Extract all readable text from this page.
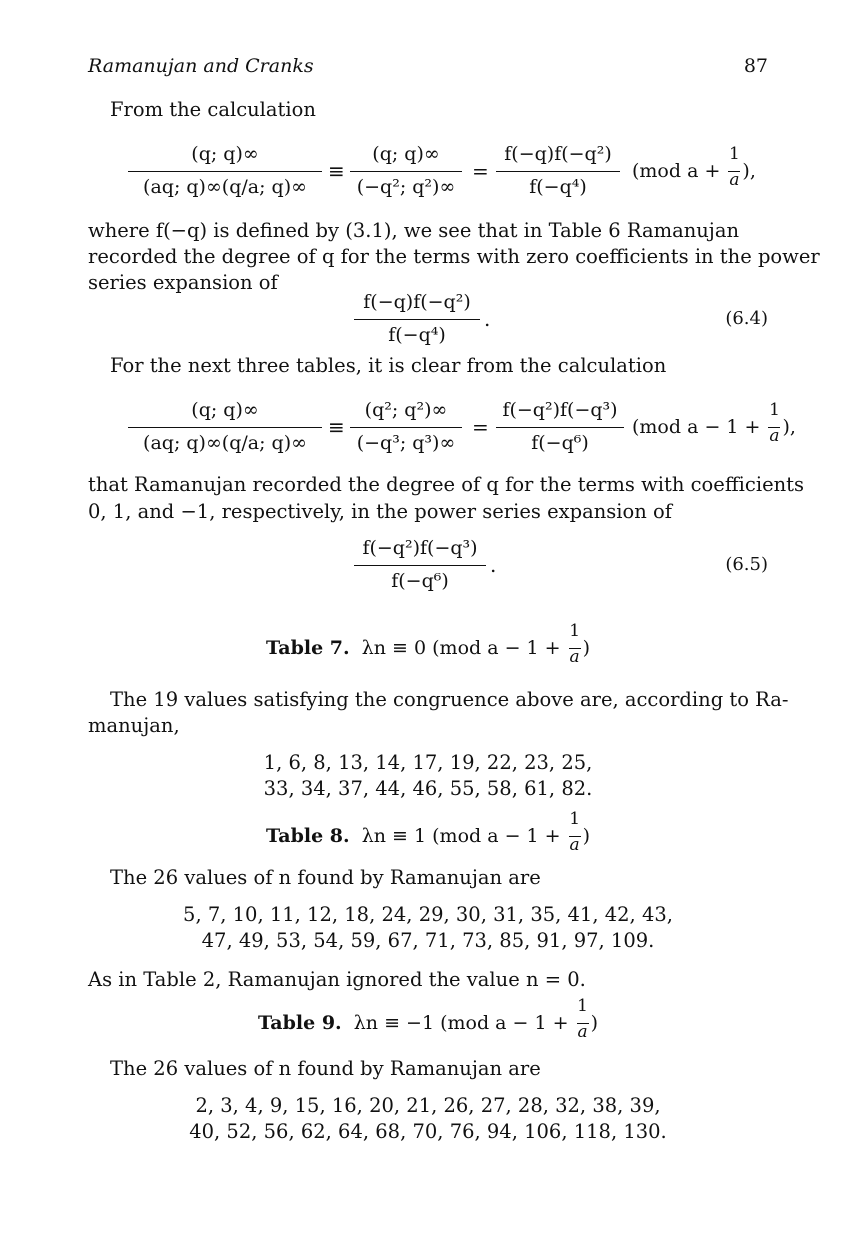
Ramanujan and Cranks	87
From the calculation
(q; q)∞
(aq; q)∞(q/a; q)∞
≡
(q; q)∞
(−q²; q²)∞
=
f(−q)f(−q²)
f(−q⁴)
(mod $a + \frac{1}{a}$ ),
where f(−q) is defined by (3.1), we see that in Table 6 Ramanujan
recorded the degree of q for the terms with zero coefficients in the power
series expansion of
f(−q)f(−q²)
f(−q⁴)
.	(6.4)
For the next three tables, it is clear from the calculation
(q; q)∞
(aq; q)∞(q/a; q)∞
≡
(q²; q²)∞
(−q³; q³)∞
=
f(−q²)f(−q³)
f(−q⁶)
(mod $a - 1 + \frac{1}{a}$ ),
that Ramanujan recorded the degree of q for the terms with coefficients
0, 1, and −1, respectively, in the power series expansion of
f(−q²)f(−q³)
f(−q⁶)
.	(6.5)
Table 7. λn ≡ 0 (mod $a - 1 + \frac{1}{a}$ )
The 19 values satisfying the congruence above are, according to Ra-
manujan,
1, 6, 8, 13, 14, 17, 19, 22, 23, 25,
33, 34, 37, 44, 46, 55, 58, 61, 82.
Table 8. λn ≡ 1 (mod $a - 1 + \frac{1}{a}$ )
The 26 values of n found by Ramanujan are
5, 7, 10, 11, 12, 18, 24, 29, 30, 31, 35, 41, 42, 43,
47, 49, 53, 54, 59, 67, 71, 73, 85, 91, 97, 109.
As in Table 2, Ramanujan ignored the value n = 0.
Table 9. λn ≡ −1 (mod $a - 1 + \frac{1}{a}$ )
The 26 values of n found by Ramanujan are
2, 3, 4, 9, 15, 16, 20, 21, 26, 27, 28, 32, 38, 39,
40, 52, 56, 62, 64, 68, 70, 76, 94, 106, 118, 130.
